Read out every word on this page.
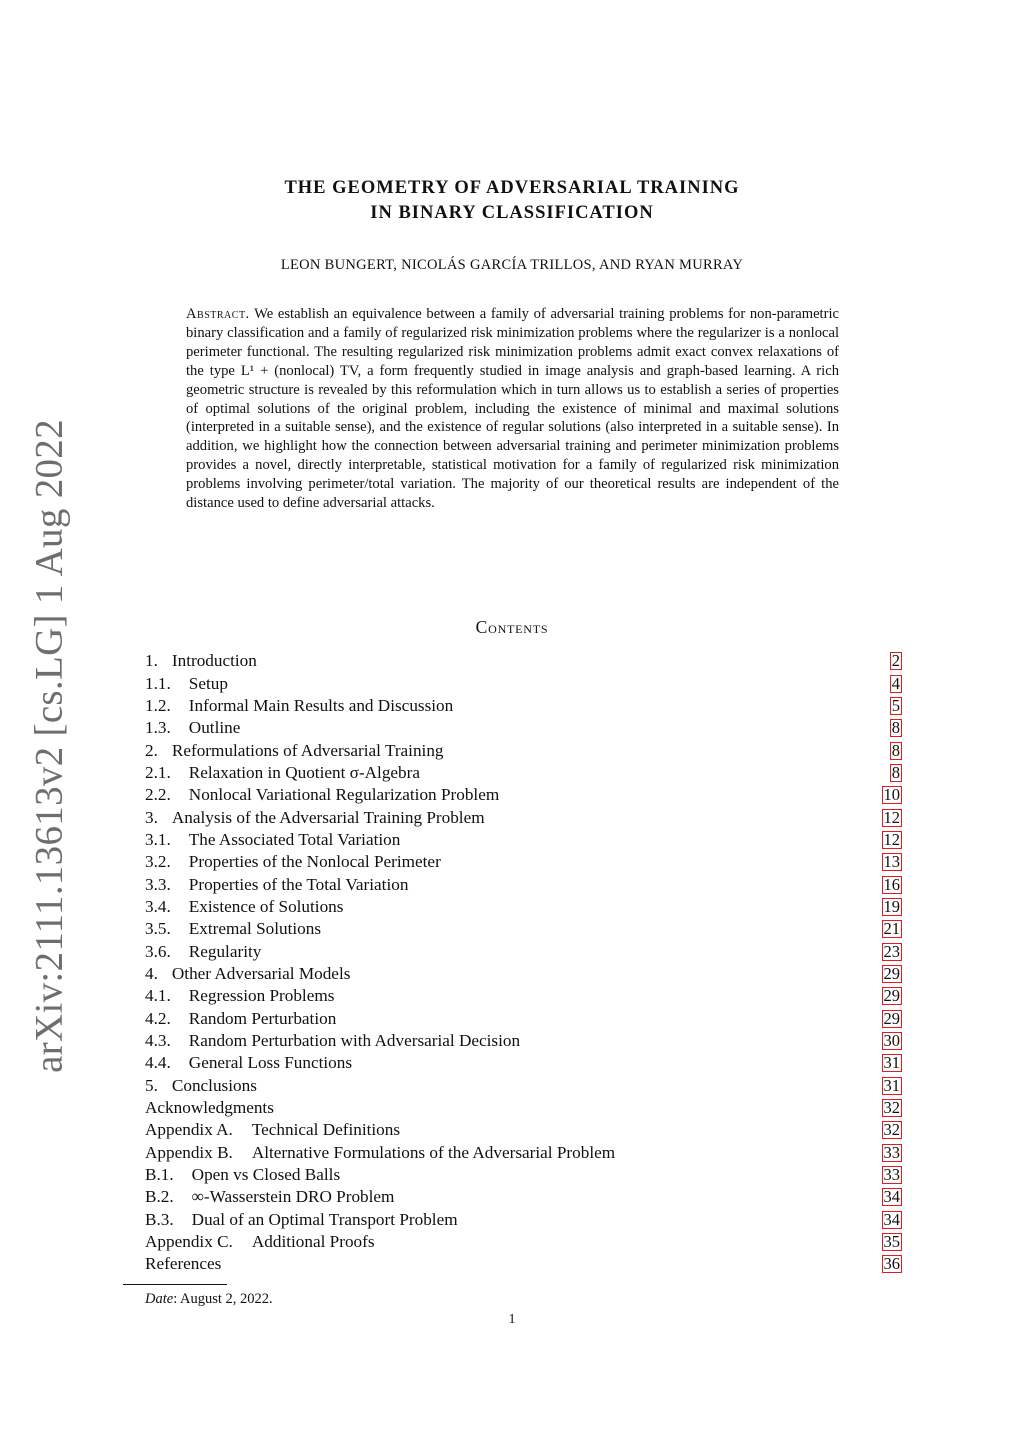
arXiv:2111.13613v2 [cs.LG] 1 Aug 2022
THE GEOMETRY OF ADVERSARIAL TRAINING
IN BINARY CLASSIFICATION
LEON BUNGERT, NICOLÁS GARCÍA TRILLOS, AND RYAN MURRAY
Abstract. We establish an equivalence between a family of adversarial training problems for non-parametric binary classification and a family of regularized risk minimization problems where the regularizer is a nonlocal perimeter functional. The resulting regularized risk minimization problems admit exact convex relaxations of the type L¹ + (nonlocal) TV, a form frequently studied in image analysis and graph-based learning. A rich geometric structure is revealed by this reformulation which in turn allows us to establish a series of properties of optimal solutions of the original problem, including the existence of minimal and maximal solutions (interpreted in a suitable sense), and the existence of regular solutions (also interpreted in a suitable sense). In addition, we highlight how the connection between adversarial training and perimeter minimization problems provides a novel, directly interpretable, statistical motivation for a family of regularized risk minimization problems involving perimeter/total variation. The majority of our theoretical results are independent of the distance used to define adversarial attacks.
Contents
1. Introduction	2
1.1. Setup	4
1.2. Informal Main Results and Discussion	5
1.3. Outline	8
2. Reformulations of Adversarial Training	8
2.1. Relaxation in Quotient σ-Algebra	8
2.2. Nonlocal Variational Regularization Problem	10
3. Analysis of the Adversarial Training Problem	12
3.1. The Associated Total Variation	12
3.2. Properties of the Nonlocal Perimeter	13
3.3. Properties of the Total Variation	16
3.4. Existence of Solutions	19
3.5. Extremal Solutions	21
3.6. Regularity	23
4. Other Adversarial Models	29
4.1. Regression Problems	29
4.2. Random Perturbation	29
4.3. Random Perturbation with Adversarial Decision	30
4.4. General Loss Functions	31
5. Conclusions	31
Acknowledgments	32
Appendix A. Technical Definitions	32
Appendix B. Alternative Formulations of the Adversarial Problem	33
B.1. Open vs Closed Balls	33
B.2. ∞-Wasserstein DRO Problem	34
B.3. Dual of an Optimal Transport Problem	34
Appendix C. Additional Proofs	35
References	36
Date: August 2, 2022.
1
